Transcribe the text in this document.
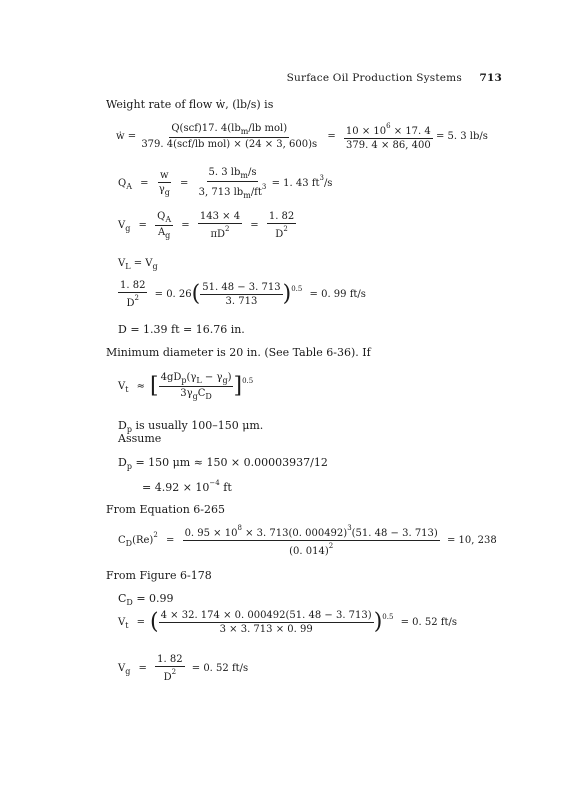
Surface Oil Production Systems 713
Weight rate of flow ẇ, (lb/s) is
ẇ = $\frac{Q(scf)17. 4(lb_m/lb mol)}{\text{379. 4(scf/lb mol) × (24 × 3, 600)s}} = \frac{10 \times 10^6 \times 17. 4}{379. 4 \times 86, 400} = 5$. 3 lb/s
$Q_A = \frac{w}{\gamma_g} = \frac{5. 3 lb_m/s}{3, 713 lb_m/ft^3} = 1$. 43 $ft^3/s$
$V_g = \frac{Q_A}{A_g} = \frac{143 \times 4}{\pi D^2} = \frac{1. 82}{D^2}$
$V_L = V_g$
$\frac{1. 82}{D^2} = 0$. $26( \frac{51. 48 - 3. 713}{3. 713} )^{0.5} = 0$. 99 ft/s
D = 1.39 ft = 16.76 in.
Minimum diameter is 20 in. (See Table 6-36). If
$V_t$ ≈ [ $\frac{4gD_p(\gamma_L - \gamma_g)}{3\gamma_gC_D} ]^{0.5}$
$D_p$ is usually 100–150 μm.
Assume
$D_p = 150$ μm ≈ 150 × 0.00003937/12
= $4.92 \times 10^{-4}$ ft
From Equation 6-265
$C_D(Re)^2 = \frac{0. 95 \times 10^8 \times 3. 713(0. 000492)^3(51. 48 - 3. 713)}{(0. 014)^2} = 10$, 238
From Figure 6-178
$C_D = 0.99$
$V_t$ = ( $\frac{4 \times 32. 174 \times 0. 000492(51. 48 - 3. 713)}{3 \times 3. 713 \times 0. 99} )^{0.5} = 0$. 52 ft/s
$V_g = \frac{1. 82}{D^2} = 0$. 52 ft/s
